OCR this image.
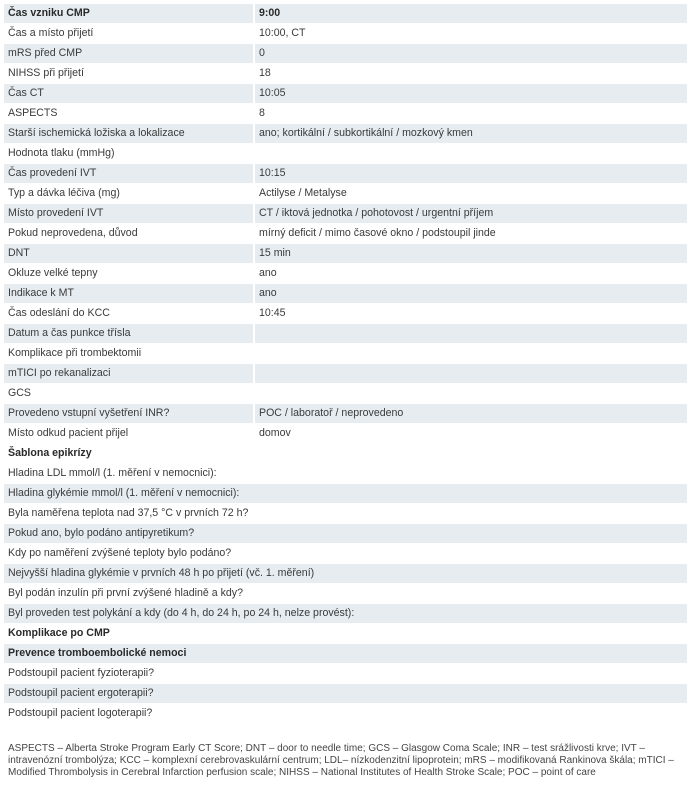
Čas vzniku CMP	9:00
Čas a místo přijetí	10:00, CT
mRS před CMP	0
NIHSS při přijetí	18
Čas CT	10:05
ASPECTS	8
Starší ischemická ložiska a lokalizace	ano; kortikální / subkortikální / mozkový kmen
Hodnota tlaku (mmHg)	
Čas provedení IVT	10:15
Typ a dávka léčiva (mg)	Actilyse / Metalyse
Místo provedení IVT	CT / iktová jednotka / pohotovost / urgentní příjem
Pokud neprovedena, důvod	mírný deficit / mimo časové okno / podstoupil jinde
DNT	15 min
Okluze velké tepny	ano
Indikace k MT	ano
Čas odeslání do KCC	10:45
Datum a čas punkce třísla	
Komplikace při trombektomii	
mTICI po rekanalizaci	
GCS	
Provedeno vstupní vyšetření INR?	POC / laboratoř / neprovedeno
Místo odkud pacient přijel	domov
Šablona epikrízy	
Hladina LDL mmol/l (1. měření v nemocnici):	
Hladina glykémie mmol/l (1. měření v nemocnici):	
Byla naměřena teplota nad 37,5 °C v prvních 72 h?	
Pokud ano, bylo podáno antipyretikum?	
Kdy po naměření zvýšené teploty bylo podáno?	
Nejvyšší hladina glykémie v prvních 48 h po přijetí (vč. 1. měření)	
Byl podán inzulín při první zvýšené hladině a kdy?	
Byl proveden test polykání a kdy (do 4 h, do 24 h, po 24 h, nelze provést):	
Komplikace po CMP	
Prevence tromboembolické nemoci	
Podstoupil pacient fyzioterapii?	
Podstoupil pacient ergoterapii?	
Podstoupil pacient logoterapii?	
ASPECTS – Alberta Stroke Program Early CT Score; DNT – door to needle time; GCS – Glasgow Coma Scale; INR – test srážlivosti krve; IVT – intravenózní trombolýza; KCC – komplexní cerebrovaskulární centrum; LDL– nízkodenzitní lipoprotein; mRS – modifikovaná Rankinova škála; mTICI – Modified Thrombolysis in Cerebral Infarction perfusion scale; NIHSS – National Institutes of Health Stroke Scale; POC – point of care
